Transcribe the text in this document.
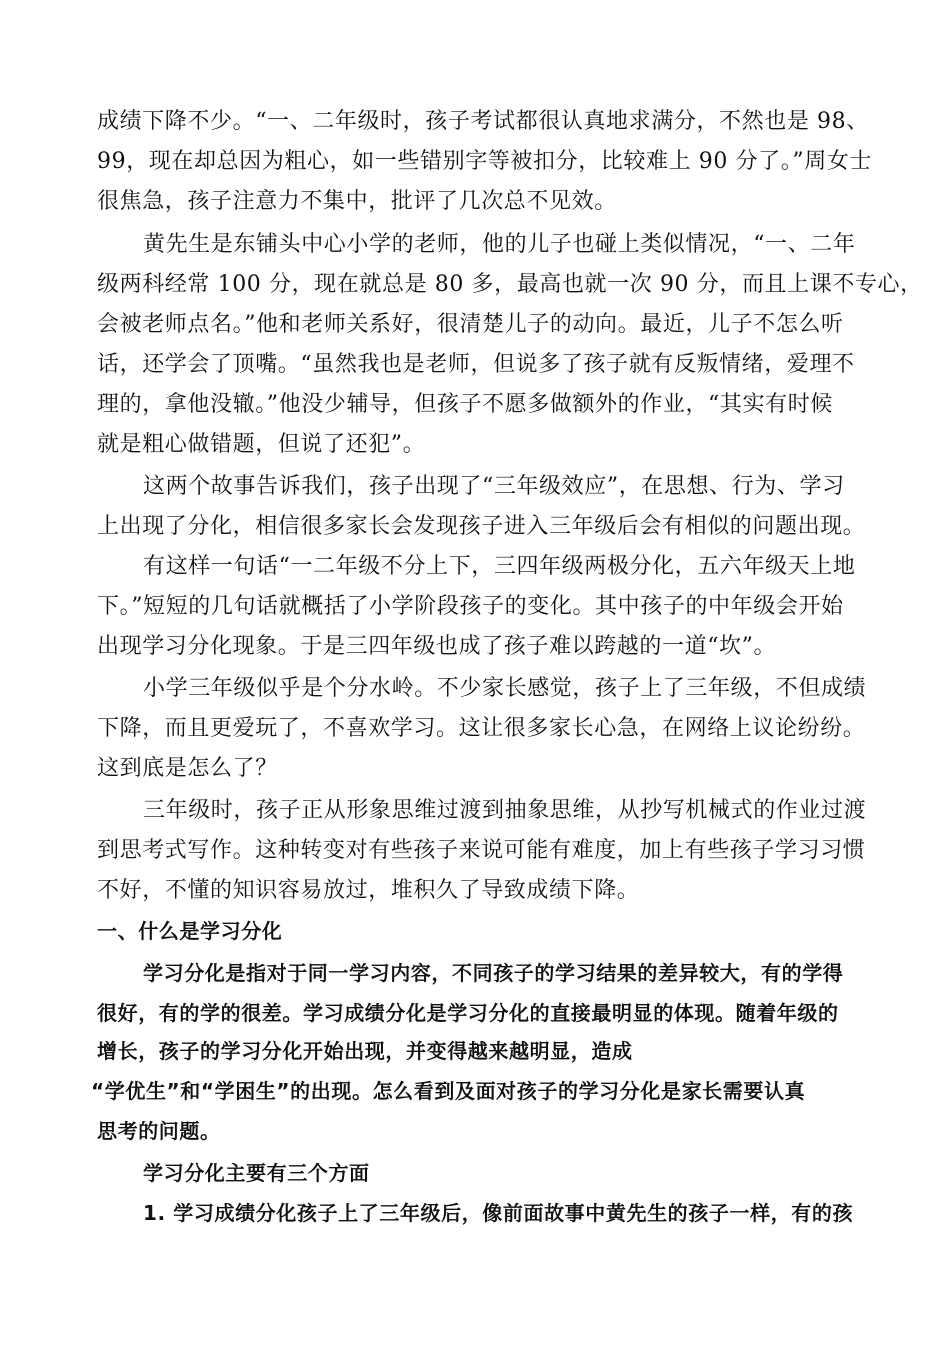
成绩下降不少。“一、二年级时，孩子考试都很认真地求满分，不然也是 98、
99，现在却总因为粗心，如一些错别字等被扣分，比较难上 90 分了。”周女士
很焦急，孩子注意力不集中，批评了几次总不见效。
黄先生是东铺头中心小学的老师，他的儿子也碰上类似情况，“一、二年
级两科经常 100 分，现在就总是 80 多，最高也就一次 90 分，而且上课不专心，
会被老师点名。”他和老师关系好，很清楚儿子的动向。最近，儿子不怎么听
话，还学会了顶嘴。“虽然我也是老师，但说多了孩子就有反叛情绪，爱理不
理的，拿他没辙。”他没少辅导，但孩子不愿多做额外的作业，“其实有时候
就是粗心做错题，但说了还犯”。
这两个故事告诉我们，孩子出现了“三年级效应”，在思想、行为、学习
上出现了分化，相信很多家长会发现孩子进入三年级后会有相似的问题出现。
有这样一句话“一二年级不分上下，三四年级两极分化，五六年级天上地
下。”短短的几句话就概括了小学阶段孩子的变化。其中孩子的中年级会开始
出现学习分化现象。于是三四年级也成了孩子难以跨越的一道“坎”。
小学三年级似乎是个分水岭。不少家长感觉，孩子上了三年级，不但成绩
下降，而且更爱玩了，不喜欢学习。这让很多家长心急，在网络上议论纷纷。
这到底是怎么了？
三年级时，孩子正从形象思维过渡到抽象思维，从抄写机械式的作业过渡
到思考式写作。这种转变对有些孩子来说可能有难度，加上有些孩子学习习惯
不好，不懂的知识容易放过，堆积久了导致成绩下降。
一、什么是学习分化
学习分化是指对于同一学习内容，不同孩子的学习结果的差异较大，有的学得
很好，有的学的很差。学习成绩分化是学习分化的直接最明显的体现。随着年级的
增长，孩子的学习分化开始出现，并变得越来越明显，造成
“学优生”和“学困生”的出现。怎么看到及面对孩子的学习分化是家长需要认真
思考的问题。
学习分化主要有三个方面
1. 学习成绩分化孩子上了三年级后，像前面故事中黄先生的孩子一样，有的孩
